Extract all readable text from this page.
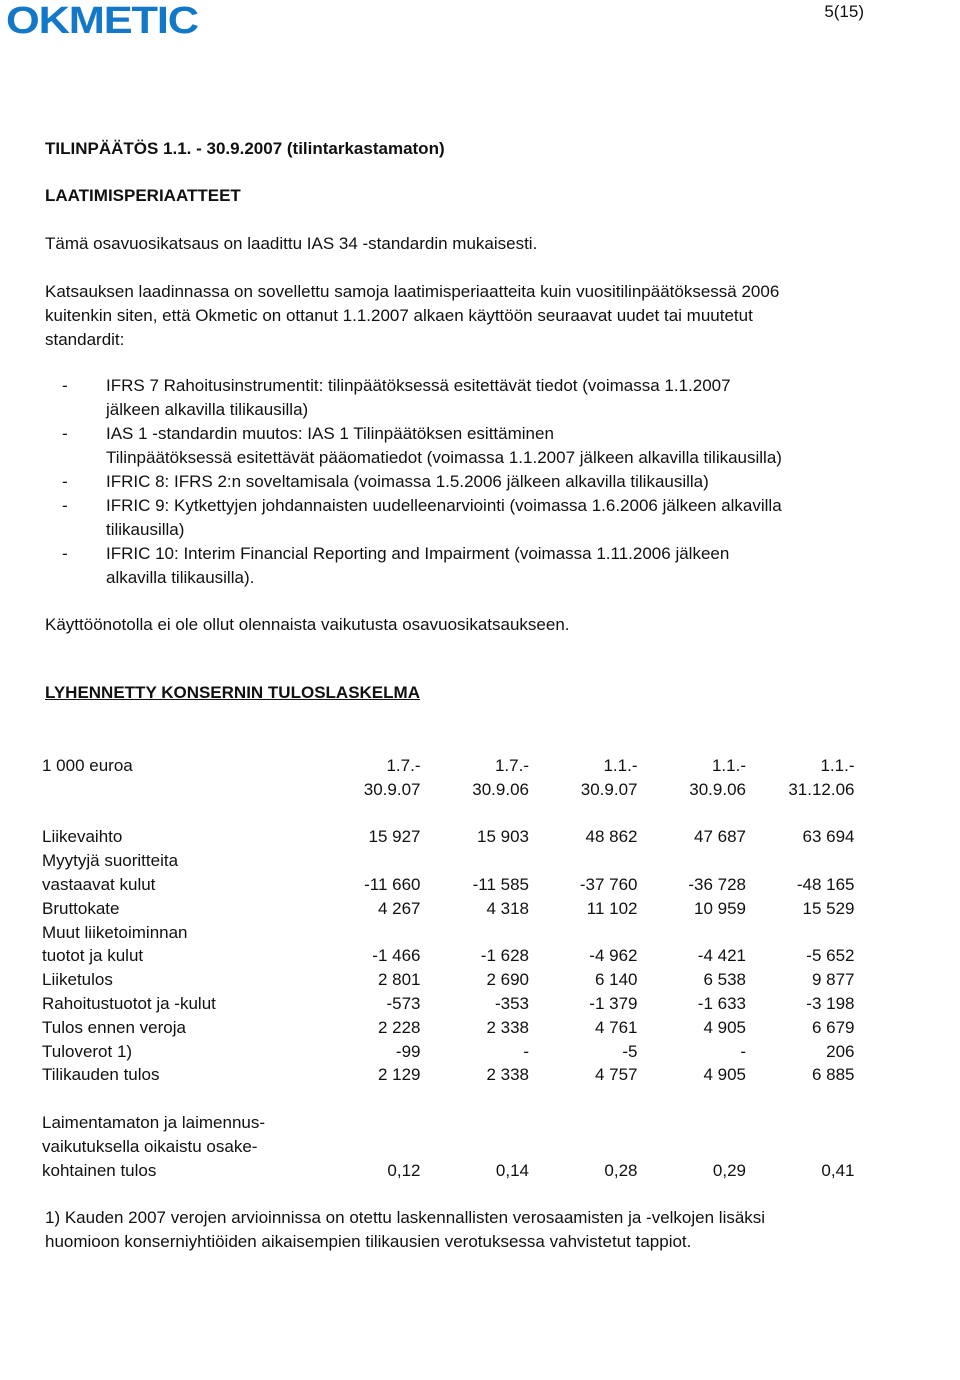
OKMETIC	5(15)
TILINPÄÄTÖS 1.1. - 30.9.2007 (tilintarkastamaton)
LAATIMISPERIAATTEET
Tämä osavuosikatsaus on laadittu IAS 34 -standardin mukaisesti.
Katsauksen laadinnassa on sovellettu samoja laatimisperiaatteita kuin vuositilinpäätöksessä 2006
kuitenkin siten, että Okmetic on ottanut 1.1.2007 alkaen käyttöön seuraavat uudet tai muutetut
standardit:
- IFRS 7 Rahoitusinstrumentit: tilinpäätöksessä esitettävät tiedot (voimassa 1.1.2007
jälkeen alkavilla tilikausilla)
- IAS 1 -standardin muutos: IAS 1 Tilinpäätöksen esittäminen
Tilinpäätöksessä esitettävät pääomatiedot (voimassa 1.1.2007 jälkeen alkavilla tilikausilla)
- IFRIC 8: IFRS 2:n soveltamisala (voimassa 1.5.2006 jälkeen alkavilla tilikausilla)
- IFRIC 9: Kytkettyjen johdannaisten uudelleenarviointi (voimassa 1.6.2006 jälkeen alkavilla
tilikausilla)
- IFRIC 10: Interim Financial Reporting and Impairment (voimassa 1.11.2006 jälkeen
alkavilla tilikausilla).
Käyttöönotolla ei ole ollut olennaista vaikutusta osavuosikatsaukseen.
LYHENNETTY KONSERNIN TULOSLASKELMA
1 000 euroa	1.7.-	1.7.-	1.1.-	1.1.-	1.1.-
	30.9.07	30.9.06	30.9.07	30.9.06	31.12.06

Liikevaihto	15 927	15 903	48 862	47 687	63 694
Myytyjä suoritteita					
vastaavat kulut	-11 660	-11 585	-37 760	-36 728	-48 165
Bruttokate	4 267	4 318	11 102	10 959	15 529
Muut liiketoiminnan					
tuotot ja kulut	-1 466	-1 628	-4 962	-4 421	-5 652
Liiketulos	2 801	2 690	6 140	6 538	9 877
Rahoitustuotot ja -kulut	-573	-353	-1 379	-1 633	-3 198
Tulos ennen veroja	2 228	2 338	4 761	4 905	6 679
Tuloverot 1)	-99	-	-5	-	206
Tilikauden tulos	2 129	2 338	4 757	4 905	6 885

Laimentamaton ja laimennus-					
vaikutuksella oikaistu osake-					
kohtainen tulos	0,12	0,14	0,28	0,29	0,41
1) Kauden 2007 verojen arvioinnissa on otettu laskennallisten verosaamisten ja -velkojen lisäksi
huomioon konserniyhtiöiden aikaisempien tilikausien verotuksessa vahvistetut tappiot.
